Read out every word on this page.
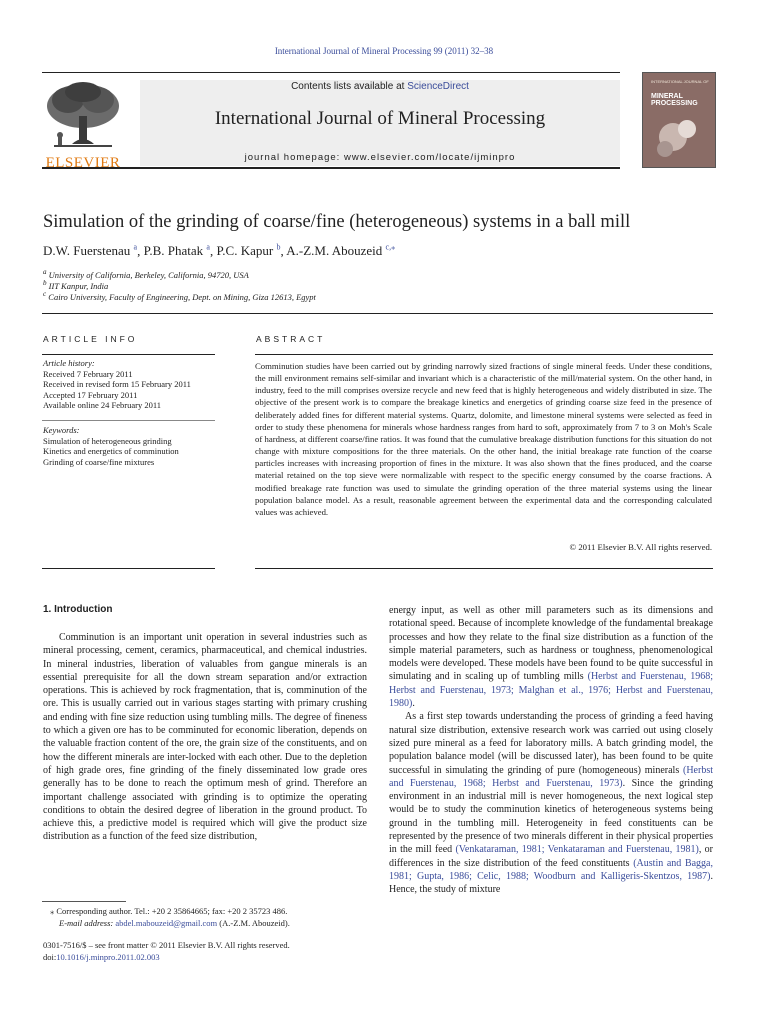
International Journal of Mineral Processing 99 (2011) 32–38
Contents lists available at ScienceDirect
International Journal of Mineral Processing
journal homepage: www.elsevier.com/locate/ijminpro
ELSEVIER
INTERNATIONAL JOURNAL OF
MINERAL
PROCESSING
Simulation of the grinding of coarse/fine (heterogeneous) systems in a ball mill
D.W. Fuerstenau $^a$, P.B. Phatak $^a$, P.C. Kapur $^b$, A.-Z.M. Abouzeid $^{c,⁎}$
$^a$ University of California, Berkeley, California, 94720, USA
$^b$ IIT Kanpur, India
$^c$ Cairo University, Faculty of Engineering, Dept. on Mining, Giza 12613, Egypt
ARTICLE INFO
Article history:
Received 7 February 2011
Received in revised form 15 February 2011
Accepted 17 February 2011
Available online 24 February 2011
Keywords:
Simulation of heterogeneous grinding
Kinetics and energetics of comminution
Grinding of coarse/fine mixtures
ABSTRACT
Comminution studies have been carried out by grinding narrowly sized fractions of single mineral feeds. Under these conditions, the mill environment remains self-similar and invariant which is a characteristic of the mill/material system. On the other hand, in industry, feed to the mill comprises oversize recycle and new feed that is highly heterogeneous and widely distributed in size. The objective of the present work is to compare the breakage kinetics and energetics of grinding coarse size feed in the presence of deliberately added fines for different material systems. Quartz, dolomite, and limestone mineral systems were selected as feed in order to study these phenomena for minerals whose hardness ranges from hard to soft, approximately from 7 to 3 on Moh's Scale of hardness, at different coarse/fine ratios. It was found that the cumulative breakage distribution functions for this situation do not change with mixture compositions for the three materials. On the other hand, the initial breakage rate function of the coarse particles increases with increasing proportion of fines in the mixture. It was also shown that the fines produced, and the coarse material retained on the top sieve were normalizable with respect to the specific energy consumed by the coarse fractions. A modified breakage rate function was used to simulate the grinding operation of the three material systems using the linear population balance model. As a result, reasonable agreement between the experimental data and the corresponding calculated values was achieved.
© 2011 Elsevier B.V. All rights reserved.
1. Introduction

Comminution is an important unit operation in several industries such as mineral processing, cement, ceramics, pharmaceutical, and chemical industries. In mineral industries, liberation of valuables from gangue minerals is an essential prerequisite for all the down stream separation and/or extraction operations. This is achieved by rock fragmentation, that is, comminution of the ore. This is usually carried out in various stages starting with primary crushing and ending with fine size reduction using tumbling mills. The degree of fineness to which a given ore has to be comminuted for economic liberation, depends on the valuable fraction content of the ore, the grain size of the constituents, and on how the different minerals are inter-locked with each other. Due to the depletion of high grade ores, fine grinding of the finely disseminated low grade ores generally has to be done to reach the optimum mesh of grind. Therefore an important challenge associated with grinding is to optimize the operating conditions to obtain the desired degree of liberation in the ground product. To achieve this, a predictive model is required which will give the product size distribution as a function of the feed size distribution,

energy input, as well as other mill parameters such as its dimensions and rotational speed. Because of incomplete knowledge of the fundamental breakage processes and how they relate to the final size distribution as a function of the simple material parameters, such as hardness or toughness, phenomenological models were developed. These models have been found to be quite successful in simulating and in scaling up of tumbling mills (Herbst and Fuerstenau, 1968; Herbst and Fuerstenau, 1973; Malghan et al., 1976; Herbst and Fuerstenau, 1980).

As a first step towards understanding the process of grinding a feed having natural size distribution, extensive research work was carried out using closely sized pure mineral as a feed for laboratory mills. A batch grinding model, the population balance model (will be discussed later), has been found to be quite successful in simulating the grinding of pure (homogeneous) minerals (Herbst and Fuerstenau, 1968; Herbst and Fuerstenau, 1973). Since the grinding environment in an industrial mill is never homogeneous, the next logical step would be to study the comminution kinetics of heterogeneous systems being ground in the tumbling mill. Heterogeneity in feed constituents can be represented by the presence of two minerals different in their physical properties in the mill feed (Venkataraman, 1981; Venkataraman and Fuerstenau, 1981), or differences in the size distribution of the feed constituents (Austin and Bagga, 1981; Gupta, 1986; Celic, 1988; Woodburn and Kalligeris-Skentzos, 1987). Hence, the study of mixture

⁎ Corresponding author. Tel.: +20 2 35864665; fax: +20 2 35723 486.
E-mail address: abdel.mabouzeid@gmail.com (A.-Z.M. Abouzeid).
0301-7516/$ – see front matter © 2011 Elsevier B.V. All rights reserved.
doi:10.1016/j.minpro.2011.02.003
